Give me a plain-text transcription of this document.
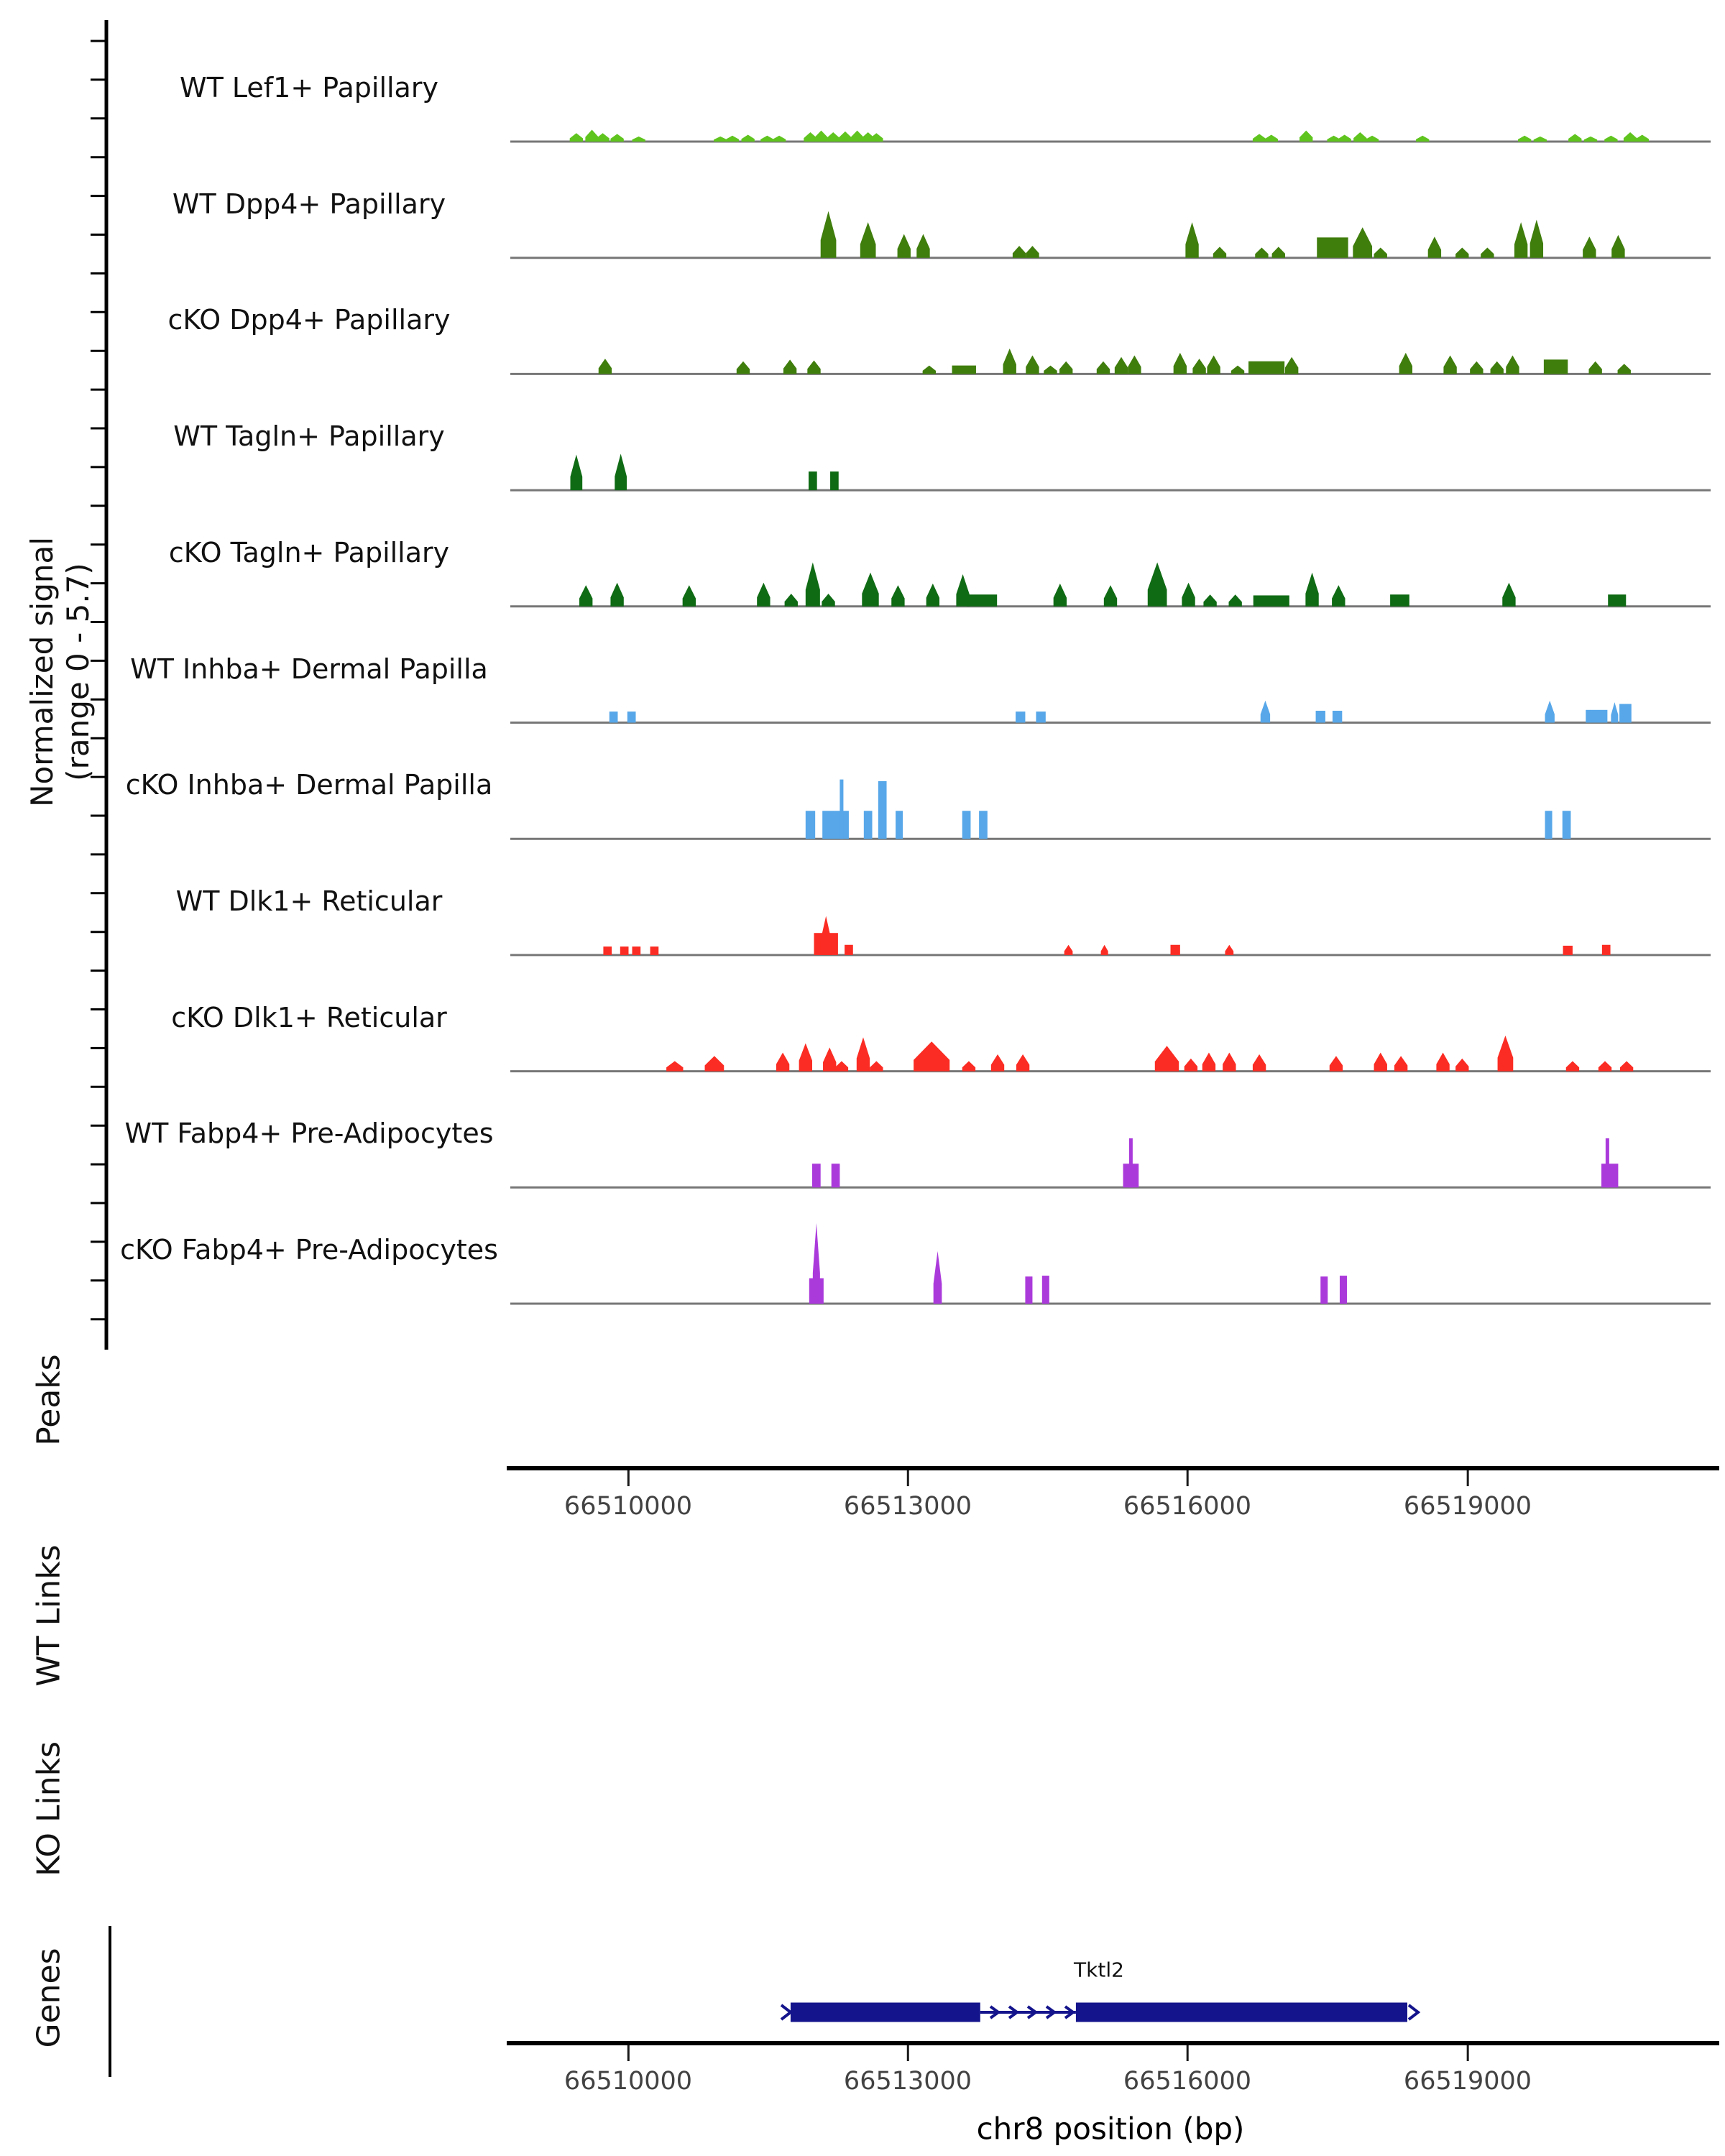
Normalized signal (range 0 - 5.7)
WT Lef1+ Papillary
WT Dpp4+ Papillary
cKO Dpp4+ Papillary
WT Tagln+ Papillary
cKO Tagln+ Papillary
WT Inhba+ Dermal Papilla
cKO Inhba+ Dermal Papilla
WT Dlk1+ Reticular
cKO Dlk1+ Reticular
WT Fabp4+ Pre-Adipocytes
cKO Fabp4+ Pre-Adipocytes
Peaks
WT Links
KO Links
Genes
66510000	66513000	66516000	66519000
66510000	66513000	66516000	66519000
chr8 position (bp)
Tktl2
